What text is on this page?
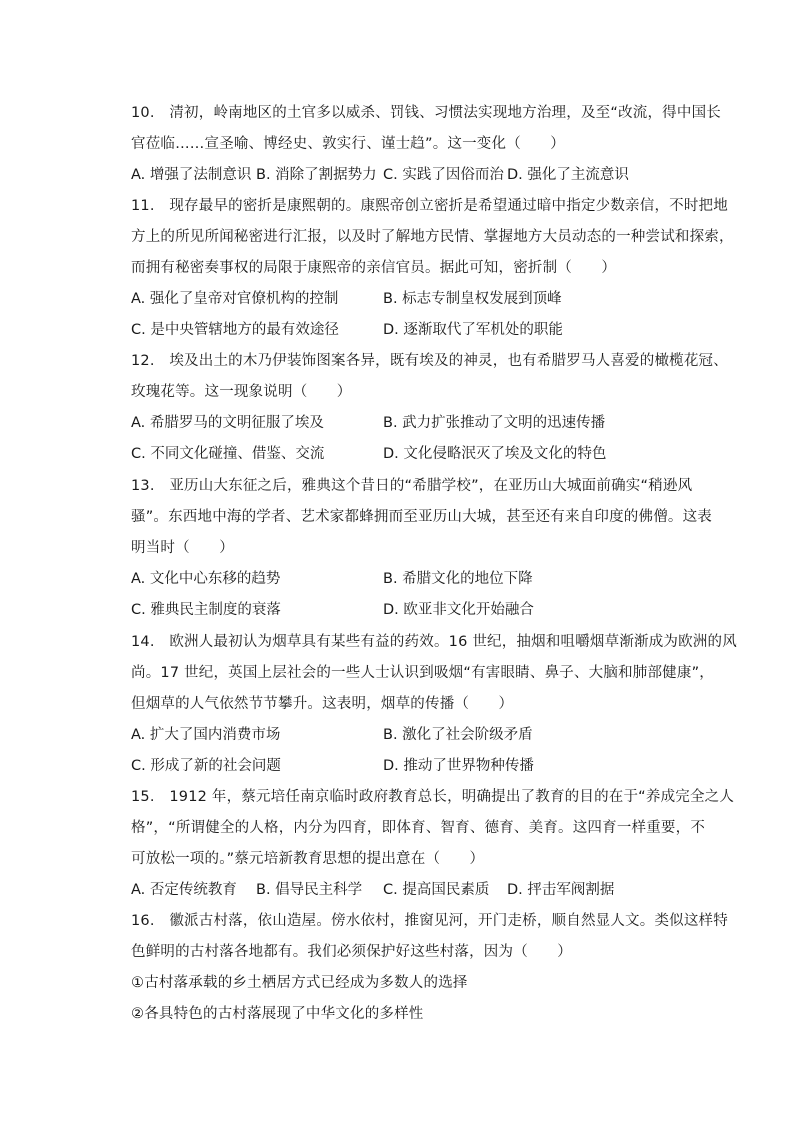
10.　清初，岭南地区的土官多以威杀、罚钱、习惯法实现地方治理，及至“改流，得中国长
官莅临……宣圣喻、博经史、敦实行、谨士趋”。这一变化（　　）
A. 增强了法制意识 B. 消除了割据势力 C. 实践了因俗而治 D. 强化了主流意识
11.　现存最早的密折是康熙朝的。康熙帝创立密折是希望通过暗中指定少数亲信，不时把地
方上的所见所闻秘密进行汇报，以及时了解地方民情、掌握地方大员动态的一种尝试和探索，
而拥有秘密奏事权的局限于康熙帝的亲信官员。据此可知，密折制（　　）
A. 强化了皇帝对官僚机构的控制	B. 标志专制皇权发展到顶峰
C. 是中央管辖地方的最有效途径	D. 逐渐取代了军机处的职能
12.　埃及出土的木乃伊装饰图案各异，既有埃及的神灵，也有希腊罗马人喜爱的橄榄花冠、
玫瑰花等。这一现象说明（　　）
A. 希腊罗马的文明征服了埃及	B. 武力扩张推动了文明的迅速传播
C. 不同文化碰撞、借鉴、交流	D. 文化侵略泯灭了埃及文化的特色
13.　亚历山大东征之后，雅典这个昔日的“希腊学校”，在亚历山大城面前确实“稍逊风
骚”。东西地中海的学者、艺术家都蜂拥而至亚历山大城，甚至还有来自印度的佛僧。这表
明当时（　　）
A. 文化中心东移的趋势	B. 希腊文化的地位下降
C. 雅典民主制度的衰落	D. 欧亚非文化开始融合
14.　欧洲人最初认为烟草具有某些有益的药效。16 世纪，抽烟和咀嚼烟草渐渐成为欧洲的风
尚。17 世纪，英国上层社会的一些人士认识到吸烟“有害眼睛、鼻子、大脑和肺部健康”，
但烟草的人气依然节节攀升。这表明，烟草的传播（　　）
A. 扩大了国内消费市场	B. 激化了社会阶级矛盾
C. 形成了新的社会问题	D. 推动了世界物种传播
15.　1912 年，蔡元培任南京临时政府教育总长，明确提出了教育的目的在于“养成完全之人
格”，“所谓健全的人格，内分为四育，即体育、智育、德育、美育。这四育一样重要，不
可放松一项的。”蔡元培新教育思想的提出意在（　　）
A. 否定传统教育 B. 倡导民主科学 C. 提高国民素质 D. 抨击军阀割据
16.　徽派古村落，依山造屋。傍水依村，推窗见河，开门走桥，顺自然显人文。类似这样特
色鲜明的古村落各地都有。我们必须保护好这些村落，因为（　　）
①古村落承载的乡土栖居方式已经成为多数人的选择
②各具特色的古村落展现了中华文化的多样性
